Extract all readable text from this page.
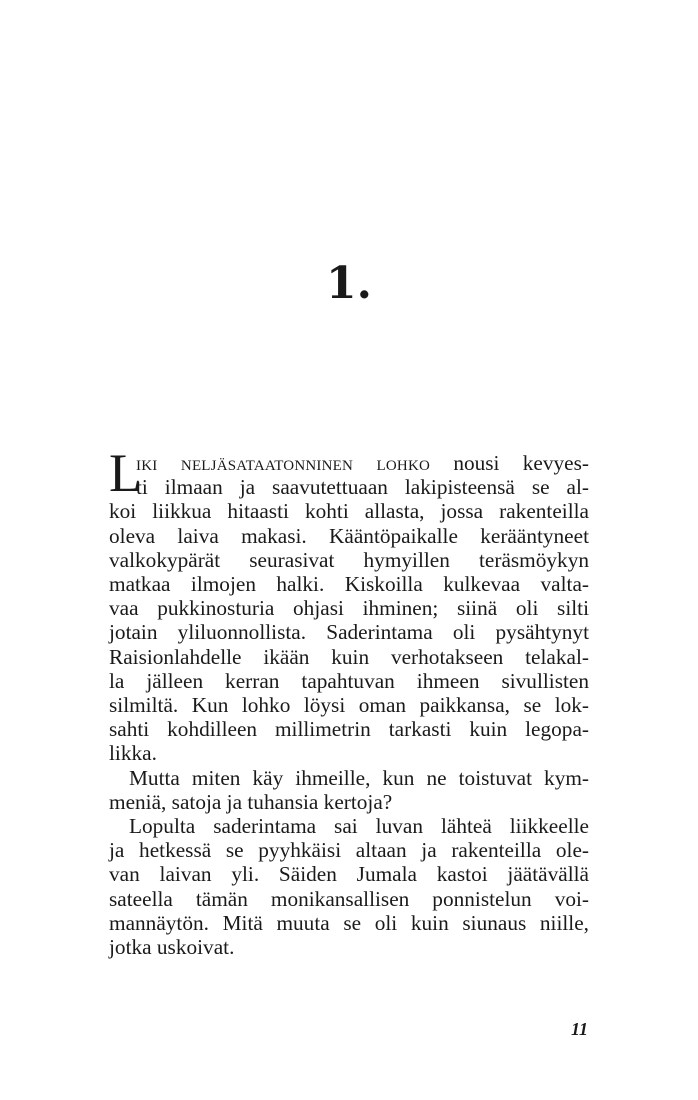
1.
L
iki neljäsataatonninen lohko nousi kevyes-
ti ilmaan ja saavutettuaan lakipisteensä se al-
koi liikkua hitaasti kohti allasta, jossa rakenteilla
oleva laiva makasi. Kääntöpaikalle kerääntyneet
valkokypärät seurasivat hymyillen teräsmöykyn
matkaa ilmojen halki. Kiskoilla kulkevaa valta-
vaa pukkinosturia ohjasi ihminen; siinä oli silti
jotain yliluonnollista. Saderintama oli pysähtynyt
Raisionlahdelle ikään kuin verhotakseen telakal-
la jälleen kerran tapahtuvan ihmeen sivullisten
silmiltä. Kun lohko löysi oman paikkansa, se lok-
sahti kohdilleen millimetrin tarkasti kuin legopa-
likka.
Mutta miten käy ihmeille, kun ne toistuvat kym-
meniä, satoja ja tuhansia kertoja?
Lopulta saderintama sai luvan lähteä liikkeelle
ja hetkessä se pyyhkäisi altaan ja rakenteilla ole-
van laivan yli. Säiden Jumala kastoi jäätävällä
sateella tämän monikansallisen ponnistelun voi-
mannäytön. Mitä muuta se oli kuin siunaus niille,
jotka uskoivat.
11
